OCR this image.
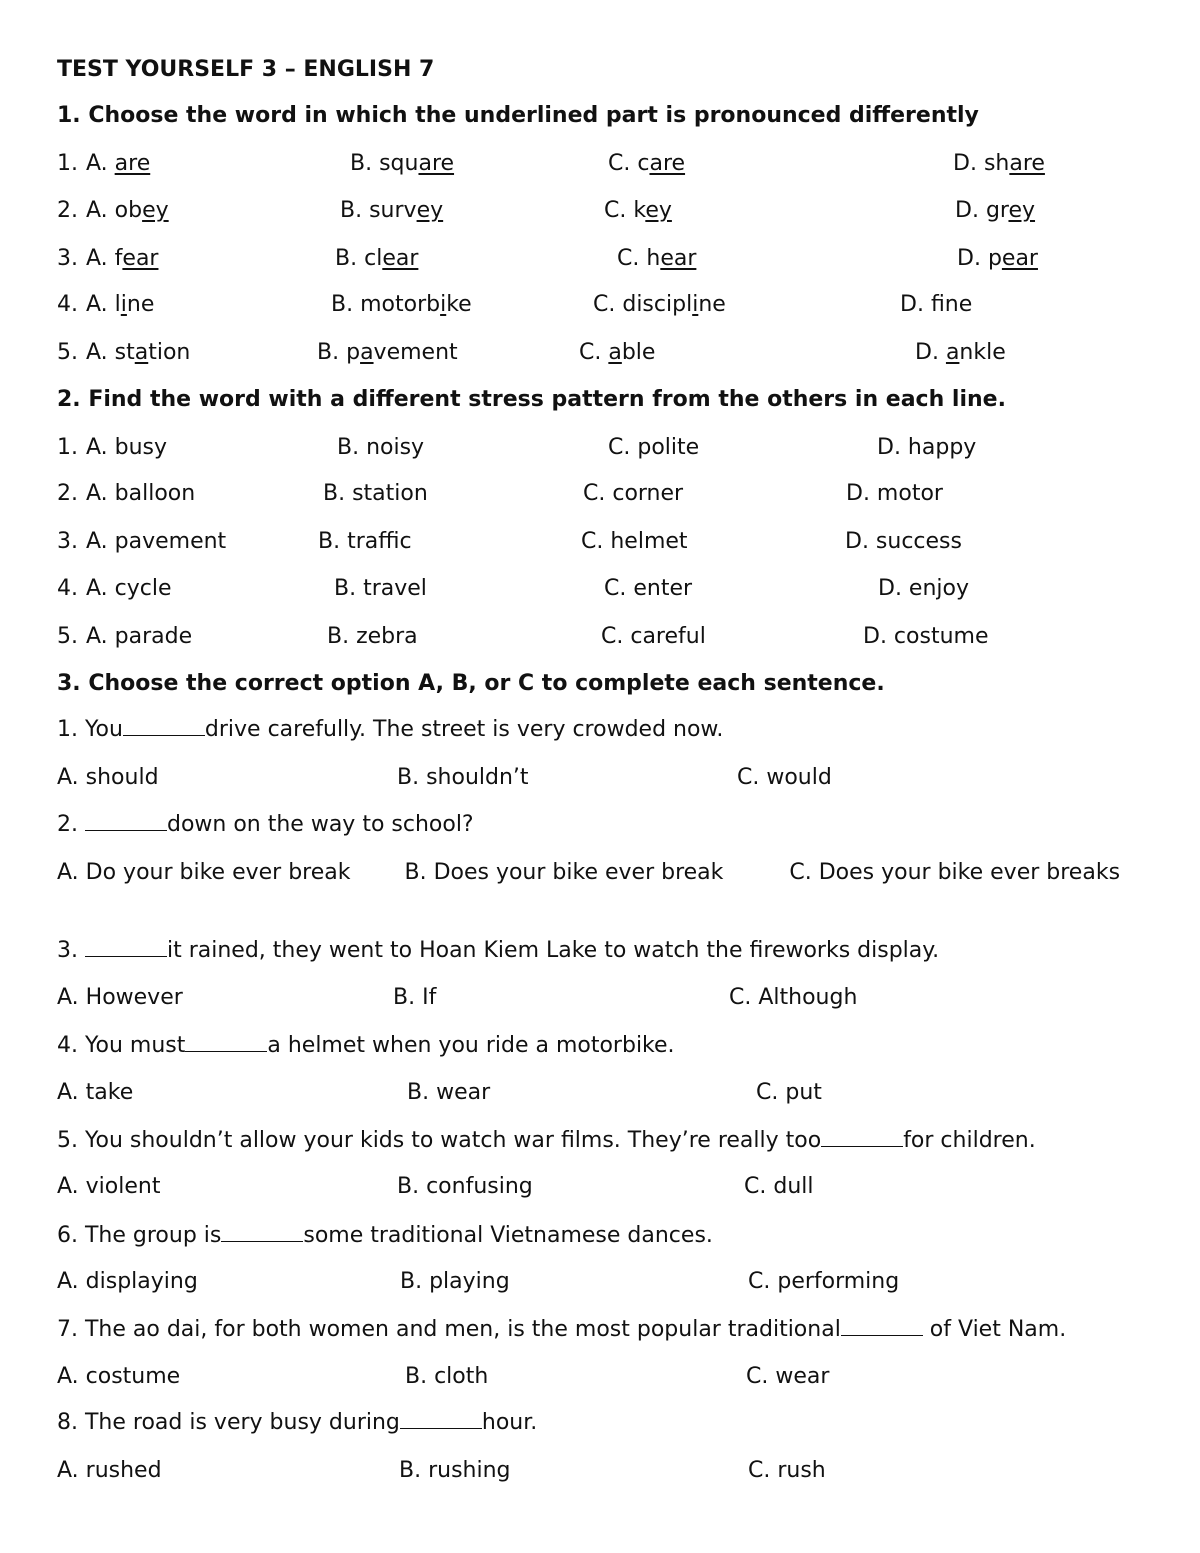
TEST YOURSELF 3 – ENGLISH 7
1. Choose the word in which the underlined part is pronounced differently
1. A. are	B. square	C. care	D. share
2. A. obey	B. survey	C. key	D. grey
3. A. fear	B. clear	C. hear	D. pear
4. A. line	B. motorbike	C. discipline	D. fne
5. A. station	B. pavement	C. able	D. ankle
2. Find the word with a different stress pattern from the others in each line.
1. A. busy	B. noisy	C. polite	D. happy
2. A. balloon	B. station	C. corner	D. motor
3. A. pavement	B. traffic	C. helmet	D. success
4. A. cycle	B. travel	C. enter	D. enjoy
5. A. parade	B. zebra	C. careful	D. costume
3. Choose the correct option A, B, or C to complete each sentence.
1. You	drive carefully. The street is very crowded now.
A. should	B. shouldn’t	C. would
2.	down on the way to school?
A. Do your bike ever break B. Does your bike ever break	C. Does your bike ever breaks
3.	it rained, they went to Hoan Kiem Lake to watch the fireworks display.
A. However	B. If	C. Although
4. You must	a helmet when you ride a motorbike.
A. take	B. wear	C. put
5. You shouldn’t allow your kids to watch war films. They’re really too	for children.
A. violent	B. confusing	C. dull
6. The group is	some traditional Vietnamese dances.
A. displaying	B. playing	C. performing
7. The ao dai, for both women and men, is the most popular traditional	of Viet Nam.
A. costume	B. cloth	C. wear
8. The road is very busy during	hour.
A. rushed	B. rushing	C. rush
